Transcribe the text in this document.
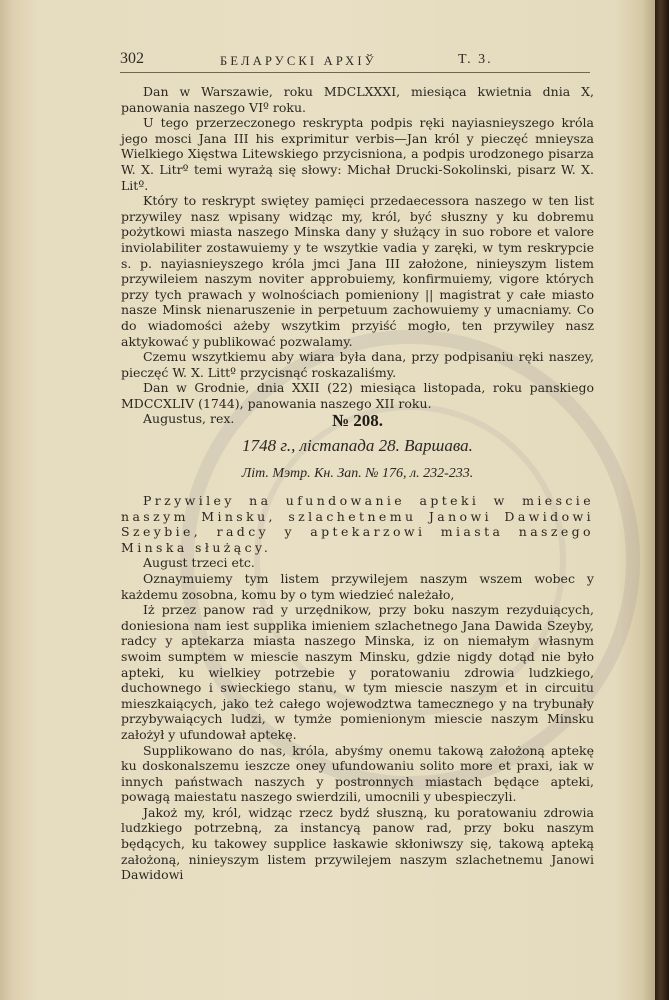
302	БЕЛАРУСКІ АРХІЎ	Т. 3.

Dan w Warszawie, roku MDCLXXXI, miesiąca kwietnia dnia X, panowania naszego VIº roku.

U tego przerzeczonego reskrypta podpis ręki nayiasnieyszego króla jego mosci Jana III his exprimitur verbis—Jan król y pieczęć mnieysza Wielkiego Xięstwa Litewskiego przycisniona, a podpis urodzonego pisarza W. X. Litrº temi wyrażą się słowy: Michał Drucki-Sokolinski, pisarz W. X. Litº.

Który to reskrypt swiętey pamięci przedaecessora naszego w ten list przywiley nasz wpisany widząc my, król, być słuszny y ku dobremu pożytkowi miasta naszego Minska dany y służący in suo robore et valore inviolabiliter zostawuiemy y te wszytkie vadia y zaręki, w tym reskrypcie s. p. nayiasnieyszego króla jmci Jana III założone, ninieyszym listem przywileiem naszym noviter approbuiemy, konfirmuiemy, vigore których przy tych prawach y wolnościach pomieniony || magistrat y całe miasto nasze Minsk nienaruszenie in perpetuum zachowuiemy y umacniamy. Co do wiadomości ażeby wszytkim przyiść mogło, ten przywiley nasz aktykować y publikować pozwalamy.

Czemu wszytkiemu aby wiara była dana, przy podpisaniu ręki naszey, pieczęć W. X. Littº przycisnąć roskazaliśmy.

Dan w Grodnie, dnia XXII (22) miesiąca listopada, roku panskiego MDCCXLIV (1744), panowania naszego XII roku.

Augustus, rex.	№ 208.
1748 г., лістапада 28. Варшава.
Літ. Мэтр. Кн. Зап. № 176, л. 232-233.

Przywiley na ufundowanie apteki w miescie naszym Minsku, szlachetnemu Janowi Dawidowi Szeybie, radcy y aptekarzowi miasta naszego Minska służący.

August trzeci etc.

Oznaymuiemy tym listem przywilejem naszym wszem wobec y każdemu zosobna, komu by o tym wiedzieć należało,

Iż przez panow rad y urzędnikow, przy boku naszym rezyduiących, doniesiona nam iest supplika imieniem szlachetnego Jana Dawida Szeyby, radcy y aptekarza miasta naszego Minska, iz on niemałym własnym swoim sumptem w miescie naszym Minsku, gdzie nigdy dotąd nie było apteki, ku wielkiey potrzebie y poratowaniu zdrowia ludzkiego, duchownego i swieckiego stanu, w tym miescie naszym et in circuitu mieszkaiących, jako też całego wojewodztwa tamecznego y na trybunały przybywaiących ludzi, w tymże pomienionym miescie naszym Minsku założył y ufundował aptekę.

Supplikowano do nas, króla, abyśmy onemu takową założoną aptekę ku doskonalszemu ieszcze oney ufundowaniu solito more et praxi, iak w innych państwach naszych y postronnych miastach będące apteki, powagą maiestatu naszego swierdzili, umocnili y ubespieczyli.

Jakoż my, król, widząc rzecz bydź słuszną, ku poratowaniu zdrowia ludzkiego potrzebną, za instancyą panow rad, przy boku naszym będących, ku takowey supplice łaskawie skłoniwszy się, takową apteką założoną, ninieyszym listem przywilejem naszym szlachetnemu Janowi Dawidowi
